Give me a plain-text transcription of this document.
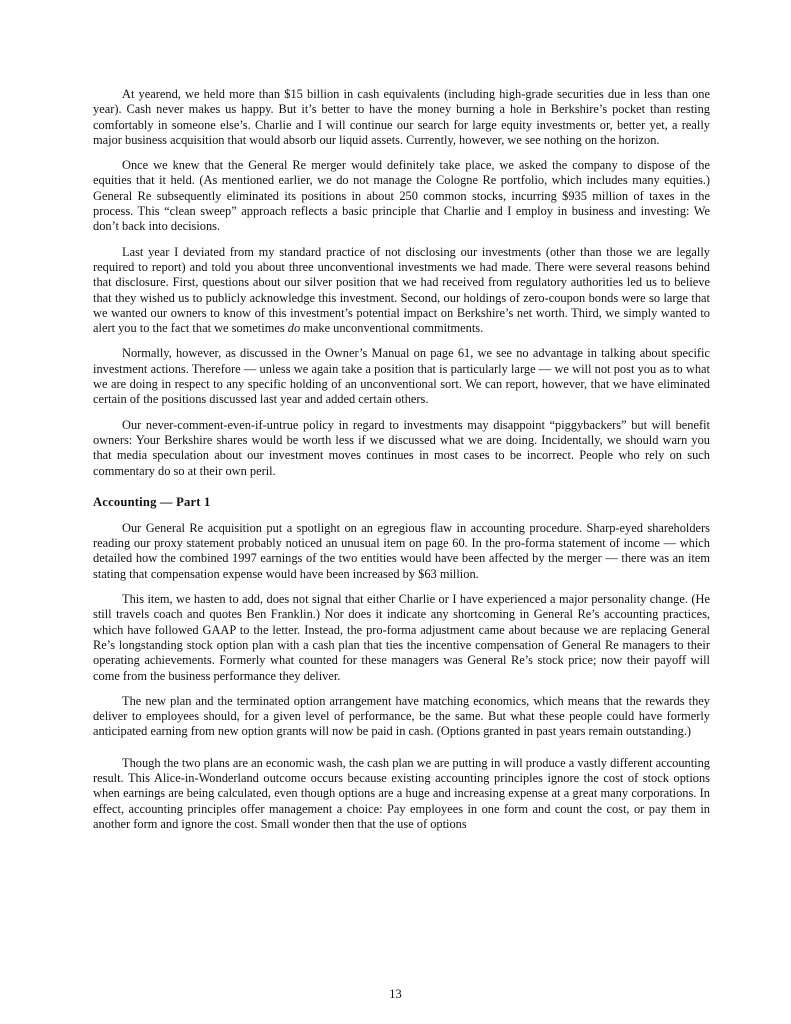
At yearend, we held more than $15 billion in cash equivalents (including high-grade securities due in less than one year). Cash never makes us happy. But it’s better to have the money burning a hole in Berkshire’s pocket than resting comfortably in someone else’s. Charlie and I will continue our search for large equity investments or, better yet, a really major business acquisition that would absorb our liquid assets. Currently, however, we see nothing on the horizon.

Once we knew that the General Re merger would definitely take place, we asked the company to dispose of the equities that it held. (As mentioned earlier, we do not manage the Cologne Re portfolio, which includes many equities.) General Re subsequently eliminated its positions in about 250 common stocks, incurring $935 million of taxes in the process. This “clean sweep” approach reflects a basic principle that Charlie and I employ in business and investing: We don’t back into decisions.

Last year I deviated from my standard practice of not disclosing our investments (other than those we are legally required to report) and told you about three unconventional investments we had made. There were several reasons behind that disclosure. First, questions about our silver position that we had received from regulatory authorities led us to believe that they wished us to publicly acknowledge this investment. Second, our holdings of zero-coupon bonds were so large that we wanted our owners to know of this investment’s potential impact on Berkshire’s net worth. Third, we simply wanted to alert you to the fact that we sometimes do make unconventional commitments.

Normally, however, as discussed in the Owner’s Manual on page 61, we see no advantage in talking about specific investment actions. Therefore — unless we again take a position that is particularly large — we will not post you as to what we are doing in respect to any specific holding of an unconventional sort. We can report, however, that we have eliminated certain of the positions discussed last year and added certain others.

Our never-comment-even-if-untrue policy in regard to investments may disappoint “piggybackers” but will benefit owners: Your Berkshire shares would be worth less if we discussed what we are doing. Incidentally, we should warn you that media speculation about our investment moves continues in most cases to be incorrect. People who rely on such commentary do so at their own peril.

Accounting — Part 1

Our General Re acquisition put a spotlight on an egregious flaw in accounting procedure. Sharp-eyed shareholders reading our proxy statement probably noticed an unusual item on page 60. In the pro-forma statement of income — which detailed how the combined 1997 earnings of the two entities would have been affected by the merger — there was an item stating that compensation expense would have been increased by $63 million.

This item, we hasten to add, does not signal that either Charlie or I have experienced a major personality change. (He still travels coach and quotes Ben Franklin.) Nor does it indicate any shortcoming in General Re’s accounting practices, which have followed GAAP to the letter. Instead, the pro-forma adjustment came about because we are replacing General Re’s longstanding stock option plan with a cash plan that ties the incentive compensation of General Re managers to their operating achievements. Formerly what counted for these managers was General Re’s stock price; now their payoff will come from the business performance they deliver.

The new plan and the terminated option arrangement have matching economics, which means that the rewards they deliver to employees should, for a given level of performance, be the same. But what these people could have formerly anticipated earning from new option grants will now be paid in cash. (Options granted in past years remain outstanding.)

Though the two plans are an economic wash, the cash plan we are putting in will produce a vastly different accounting result. This Alice-in-Wonderland outcome occurs because existing accounting principles ignore the cost of stock options when earnings are being calculated, even though options are a huge and increasing expense at a great many corporations. In effect, accounting principles offer management a choice: Pay employees in one form and count the cost, or pay them in another form and ignore the cost. Small wonder then that the use of options

13
